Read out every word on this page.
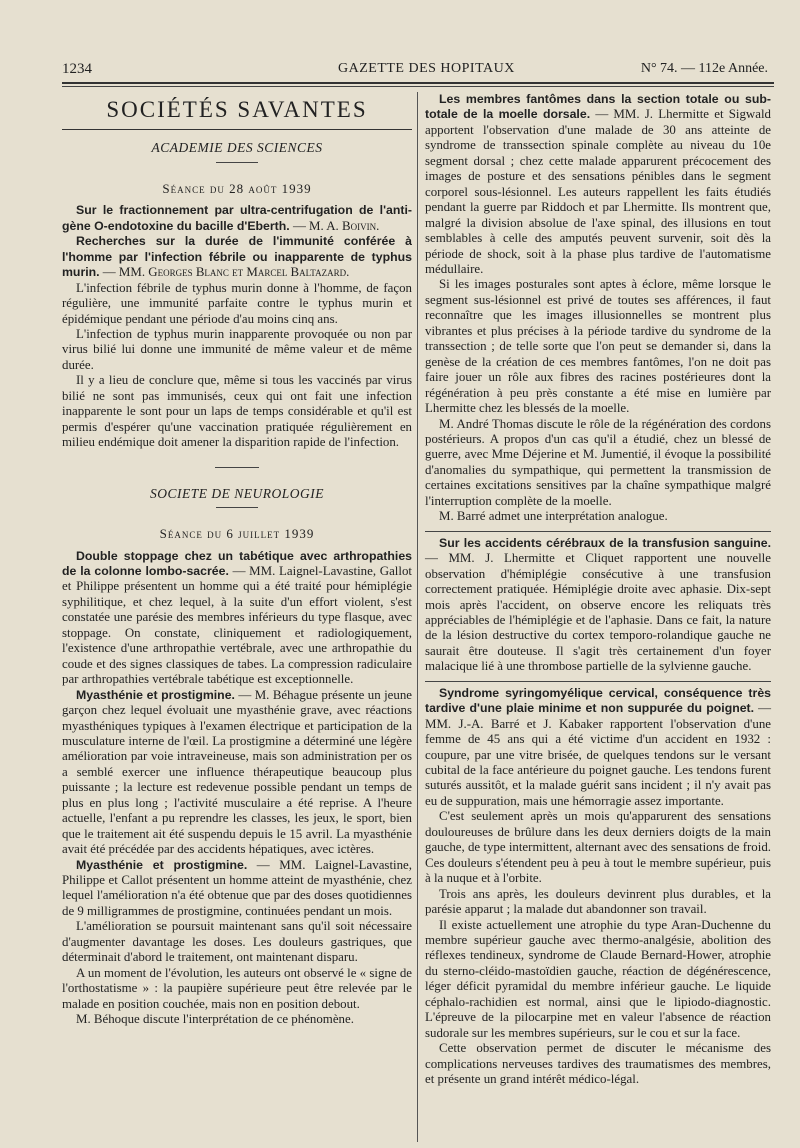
1234	GAZETTE DES HOPITAUX	N° 74. — 112e Année.

SOCIÉTÉS SAVANTES

ACADEMIE DES SCIENCES

Séance du 28 août 1939

Sur le fractionnement par ultra-centrifugation de l'anti-gène O-endotoxine du bacille d'Eberth. — M. A. Boivin.

Recherches sur la durée de l'immunité conférée à l'homme par l'infection fébrile ou inapparente de typhus murin. — MM. Georges Blanc et Marcel Baltazard.

L'infection fébrile de typhus murin donne à l'homme, de façon régulière, une immunité parfaite contre le typhus murin et épidémique pendant une période d'au moins cinq ans.

L'infection de typhus murin inapparente provoquée ou non par virus bilié lui donne une immunité de même valeur et de même durée.

Il y a lieu de conclure que, même si tous les vaccinés par virus bilié ne sont pas immunisés, ceux qui ont fait une infection inapparente le sont pour un laps de temps considérable et qu'il est permis d'espérer qu'une vaccination pratiquée régulièrement en milieu endémique doit amener la disparition rapide de l'infection.

SOCIETE DE NEUROLOGIE

Séance du 6 juillet 1939

Double stoppage chez un tabétique avec arthropathies de la colonne lombo-sacrée. — MM. Laignel-Lavastine, Gallot et Philippe présentent un homme qui a été traité pour hémiplégie syphilitique, et chez lequel, à la suite d'un effort violent, s'est constatée une parésie des membres inférieurs du type flasque, avec stoppage. On constate, cliniquement et radiologiquement, l'existence d'une arthropathie vertébrale, avec une arthropathie du coude et des signes classiques de tabes. La compression radiculaire par arthropathies vertébrale tabétique est exceptionnelle.

Myasthénie et prostigmine. — M. Béhague présente un jeune garçon chez lequel évoluait une myasthénie grave, avec réactions myasthéniques typiques à l'examen électrique et participation de la musculature interne de l'œil. La prostigmine a déterminé une légère amélioration par voie intraveineuse, mais son administration per os a semblé exercer une influence thérapeutique beaucoup plus puissante ; la lecture est redevenue possible pendant un temps de plus en plus long ; l'activité musculaire a été reprise. A l'heure actuelle, l'enfant a pu reprendre les classes, les jeux, le sport, bien que le traitement ait été suspendu depuis le 15 avril. La myasthénie avait été précédée par des accidents hépatiques, avec ictères.

Myasthénie et prostigmine. — MM. Laignel-Lavastine, Philippe et Callot présentent un homme atteint de myasthénie, chez lequel l'amélioration n'a été obtenue que par des doses quotidiennes de 9 milligrammes de prostigmine, continuées pendant un mois.

L'amélioration se poursuit maintenant sans qu'il soit nécessaire d'augmenter davantage les doses. Les douleurs gastriques, que déterminait d'abord le traitement, ont maintenant disparu.

A un moment de l'évolution, les auteurs ont observé le « signe de l'orthostatisme » : la paupière supérieure peut être relevée par le malade en position couchée, mais non en position debout.

M. Béhoque discute l'interprétation de ce phénomène.

Les membres fantômes dans la section totale ou sub-totale de la moelle dorsale. — MM. J. Lhermitte et Sigwald apportent l'observation d'une malade de 30 ans atteinte de syndrome de transsection spinale complète au niveau du 10e segment dorsal ; chez cette malade apparurent précocement des images de posture et des sensations pénibles dans le segment corporel sous-lésionnel. Les auteurs rappellent les faits étudiés pendant la guerre par Riddoch et par Lhermitte. Ils montrent que, malgré la division absolue de l'axe spinal, des illusions en tout semblables à celle des amputés peuvent survenir, soit dès la période de shock, soit à la phase plus tardive de l'automatisme médullaire.

Si les images posturales sont aptes à éclore, même lorsque le segment sus-lésionnel est privé de toutes ses afférences, il faut reconnaître que les images illusionnelles se montrent plus vibrantes et plus précises à la période tardive du syndrome de la transsection ; de telle sorte que l'on peut se demander si, dans la genèse de la création de ces membres fantômes, l'on ne doit pas faire jouer un rôle aux fibres des racines postérieures dont la régénération à peu près constante a été mise en lumière par Lhermitte chez les blessés de la moelle.

M. André Thomas discute le rôle de la régénération des cordons postérieurs. A propos d'un cas qu'il a étudié, chez un blessé de guerre, avec Mme Déjerine et M. Jumentié, il évoque la possibilité d'anomalies du sympathique, qui permettent la transmission de certaines excitations sensitives par la chaîne sympathique malgré l'interruption complète de la moelle.

M. Barré admet une interprétation analogue.

Sur les accidents cérébraux de la transfusion sanguine. — MM. J. Lhermitte et Cliquet rapportent une nouvelle observation d'hémiplégie consécutive à une transfusion correctement pratiquée. Hémiplégie droite avec aphasie. Dix-sept mois après l'accident, on observe encore les reliquats très appréciables de l'hémiplégie et de l'aphasie. Dans ce fait, la nature de la lésion destructive du cortex temporo-rolandique gauche ne saurait être douteuse. Il s'agit très certainement d'un foyer malacique lié à une thrombose partielle de la sylvienne gauche.

Syndrome syringomyélique cervical, conséquence très tardive d'une plaie minime et non suppurée du poignet. — MM. J.-A. Barré et J. Kabaker rapportent l'observation d'une femme de 45 ans qui a été victime d'un accident en 1932 : coupure, par une vitre brisée, de quelques tendons sur le versant cubital de la face antérieure du poignet gauche. Les tendons furent suturés aussitôt, et la malade guérit sans incident ; il n'y avait pas eu de suppuration, mais une hémorragie assez importante.

C'est seulement après un mois qu'apparurent des sensations douloureuses de brûlure dans les deux derniers doigts de la main gauche, de type intermittent, alternant avec des sensations de froid. Ces douleurs s'étendent peu à peu à tout le membre supérieur, puis à la nuque et à l'orbite.

Trois ans après, les douleurs devinrent plus durables, et la parésie apparut ; la malade dut abandonner son travail.

Il existe actuellement une atrophie du type Aran-Duchenne du membre supérieur gauche avec thermo-analgésie, abolition des réflexes tendineux, syndrome de Claude Bernard-Hower, atrophie du sterno-cléido-mastoïdien gauche, réaction de dégénérescence, léger déficit pyramidal du membre inférieur gauche. Le liquide céphalo-rachidien est normal, ainsi que le lipiodo-diagnostic. L'épreuve de la pilocarpine met en valeur l'absence de réaction sudorale sur les membres supérieurs, sur le cou et sur la face.

Cette observation permet de discuter le mécanisme des complications nerveuses tardives des traumatismes des membres, et présente un grand intérêt médico-légal.
